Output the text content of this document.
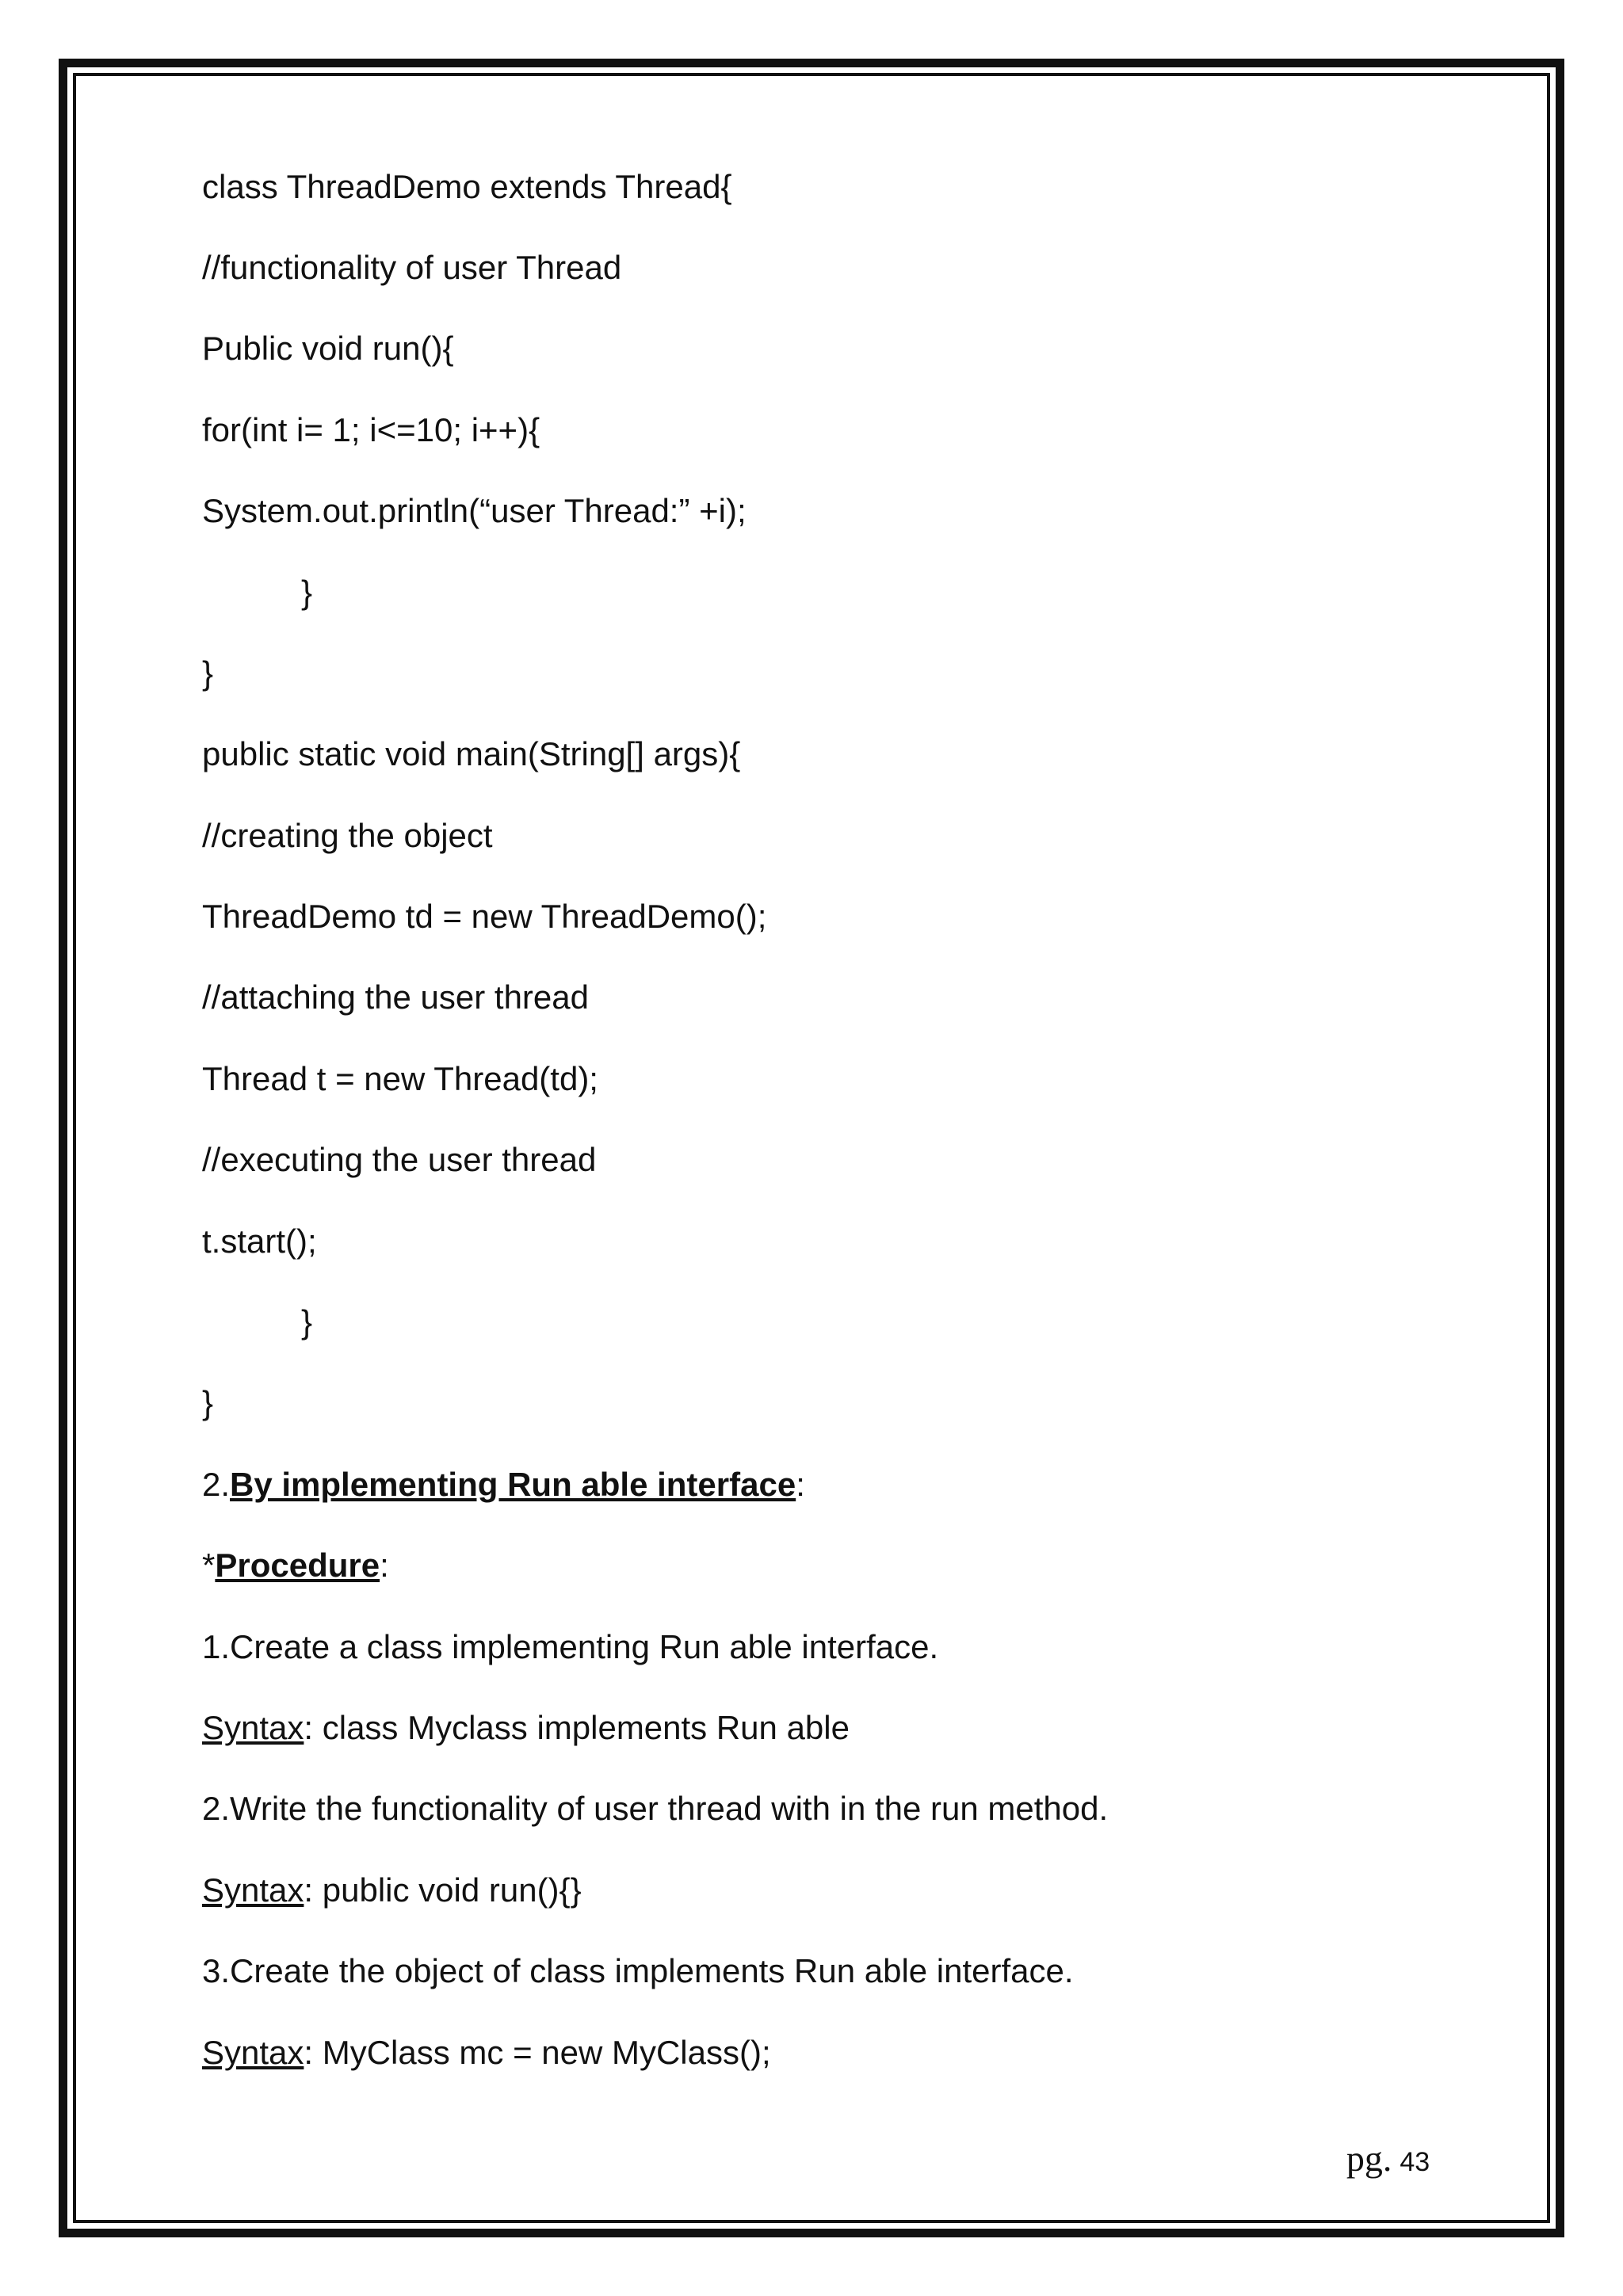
class ThreadDemo extends Thread{
//functionality of user Thread
Public void run(){
for(int i= 1; i<=10; i++){
System.out.println(“user Thread:” +i);
}
}
public static void main(String[] args){
//creating the object
ThreadDemo td = new ThreadDemo();
//attaching the user thread
Thread t = new Thread(td);
//executing the user thread
t.start();
}
}
2.By implementing Run able interface:
*Procedure:
1.Create a class implementing Run able interface.
Syntax: class Myclass implements Run able
2.Write the functionality of user thread with in the run method.
Syntax: public void run(){}
3.Create the object of class implements Run able interface.
Syntax: MyClass mc = new MyClass();

pg. 43
